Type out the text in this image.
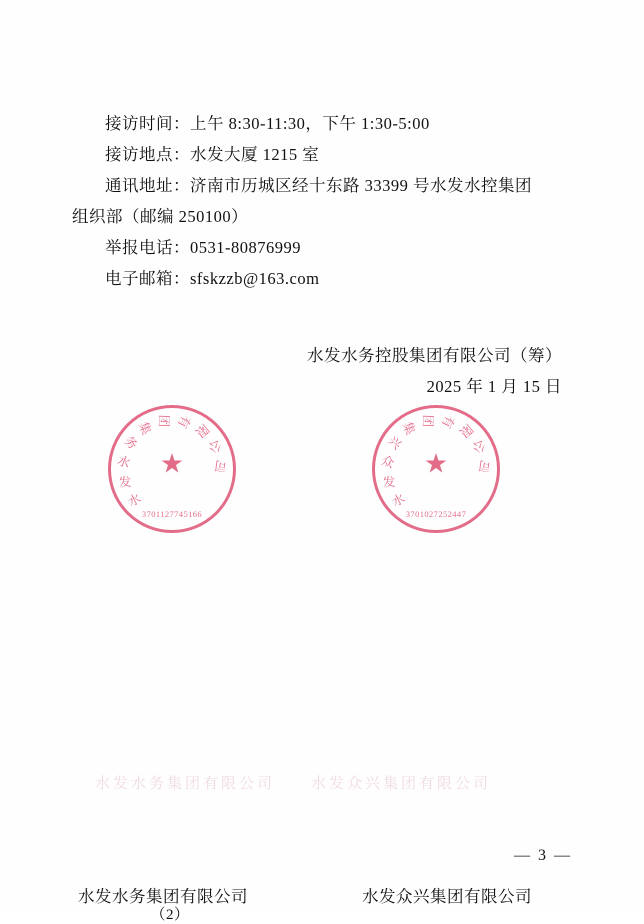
接访时间：上午 8:30-11:30，下午 1:30-5:00
接访地点：水发大厦 1215 室
通讯地址：济南市历城区经十东路 33399 号水发水控集团
组织部（邮编 250100）
举报电话：0531-80876999
电子邮箱：sfskzzb@163.com
水发水务控股集团有限公司（筹）
2025 年 1 月 15 日
水
发
水
务
集 团 有 限
公
司
★
3701127745166
水
发
众
兴
集 团 有 限
公
司
★
3701027252447
水发水务集团有限公司
（2）
水发众兴集团有限公司
水发水务集团有限公司　　水发众兴集团有限公司
— 3 —
